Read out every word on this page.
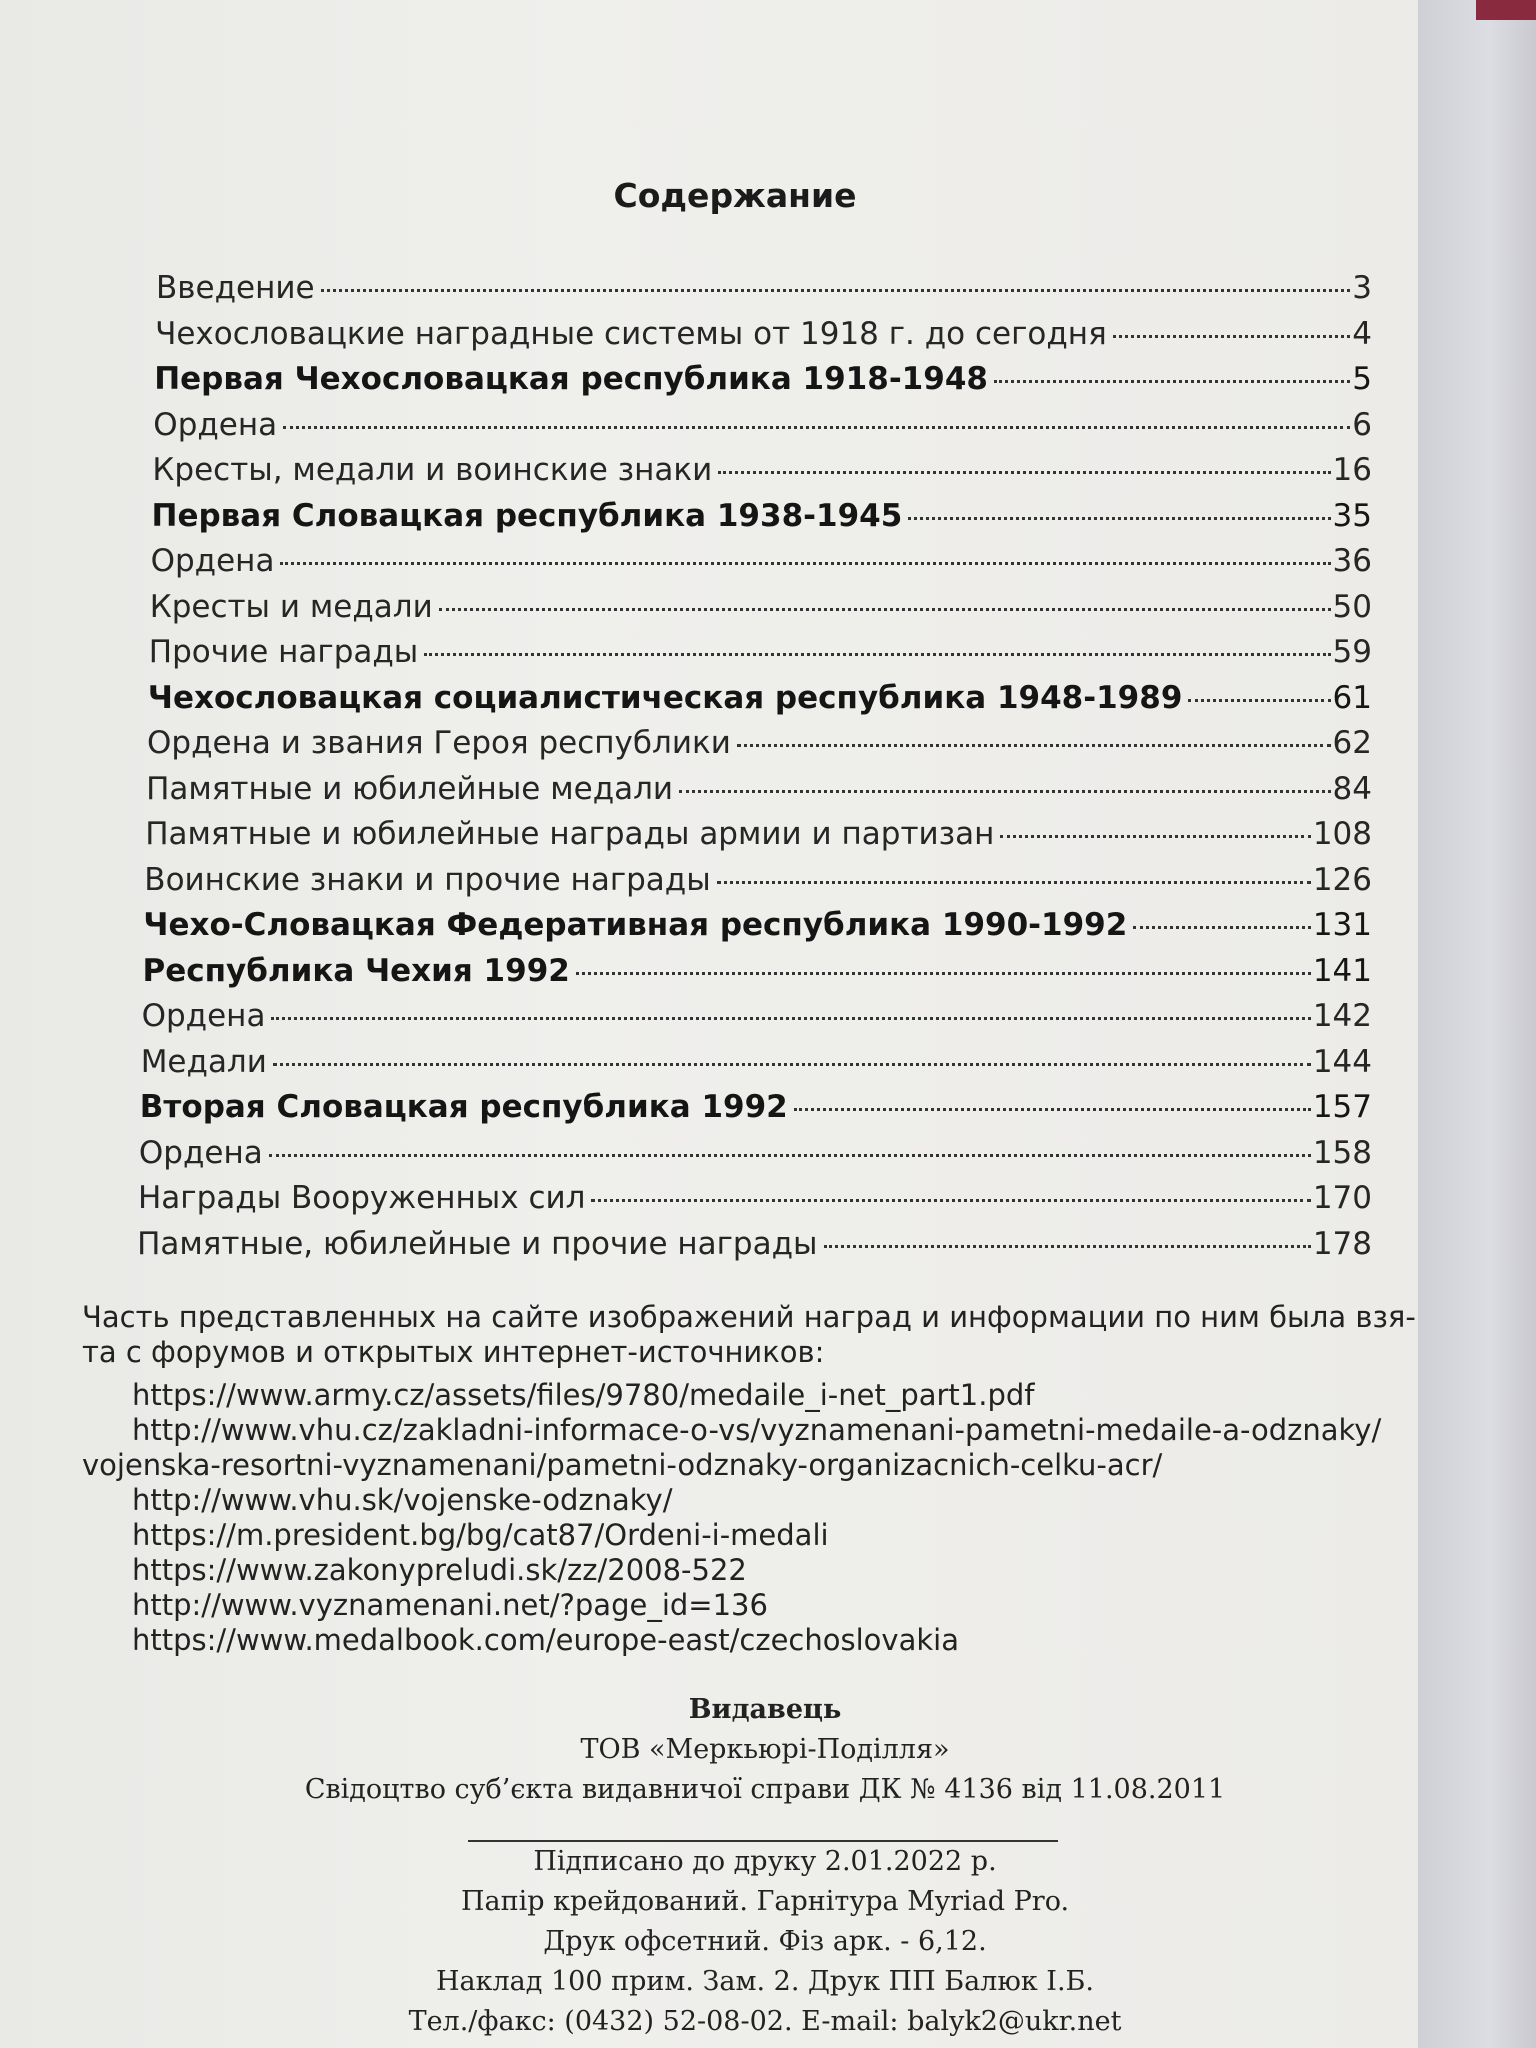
Содержание
Введение	3
Чехословацкие наградные системы от 1918 г. до сегодня	4
Первая Чехословацкая республика 1918-1948	5
Ордена	6
Кресты, медали и воинские знаки	16
Первая Словацкая республика 1938-1945	35
Ордена	36
Кресты и медали	50
Прочие награды	59
Чехословацкая социалистическая республика 1948-1989	61
Ордена и звания Героя республики	62
Памятные и юбилейные медали	84
Памятные и юбилейные награды армии и партизан	108
Воинские знаки и прочие награды	126
Чехо-Словацкая Федеративная республика 1990-1992	131
Республика Чехия 1992	141
Ордена	142
Медали	144
Вторая Словацкая республика 1992	157
Ордена	158
Награды Вооруженных сил	170
Памятные, юбилейные и прочие награды	178

Часть представленных на сайте изображений наград и информации по ним была взя-

та с форумов и открытых интернет-источников:

https://www.army.cz/assets/files/9780/medaile_i-net_part1.pdf
http://www.vhu.cz/zakladni-informace-o-vs/vyznamenani-pametni-medaile-a-odznaky/
vojenska-resortni-vyznamenani/pametni-odznaky-organizacnich-celku-acr/
http://www.vhu.sk/vojenske-odznaky/
https://m.president.bg/bg/cat87/Ordeni-i-medali
https://www.zakonypreludi.sk/zz/2008-522
http://www.vyznamenani.net/?page_id=136
https://www.medalbook.com/europe-east/czechoslovakia
Видавець
ТОВ «Меркьюрі-Поділля»
Свідоцтво суб’єкта видавничої справи ДК № 4136 від 11.08.2011
Підписано до друку 2.01.2022 р.
Папір крейдований. Гарнітура Myriad Pro.
Друк офсетний. Фіз арк. - 6,12.
Наклад 100 прим. Зам. 2. Друк ПП Балюк І.Б.
Тел./факс: (0432) 52-08-02. E-mail: balyk2@ukr.net
